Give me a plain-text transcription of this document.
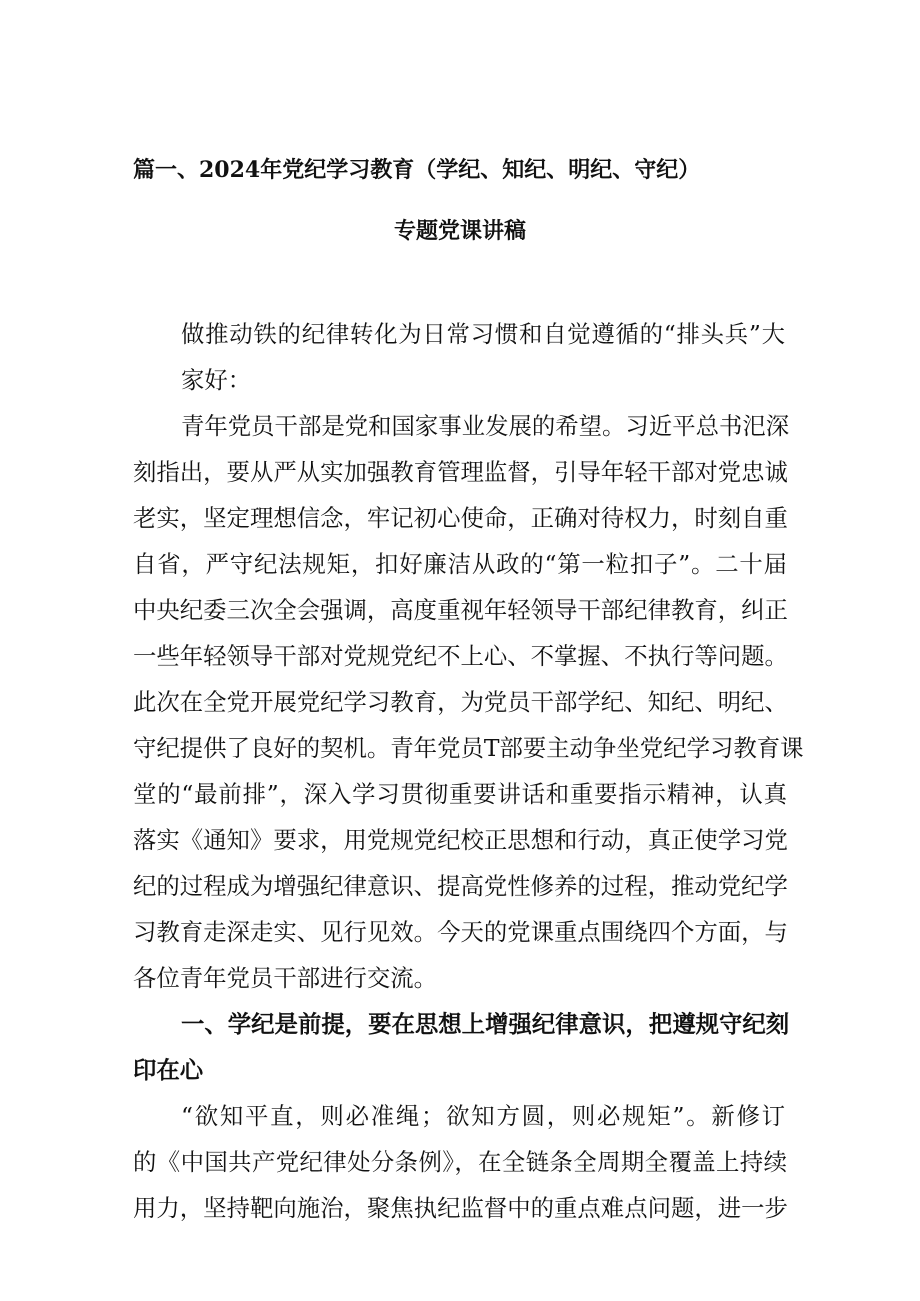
篇一、2024年党纪学习教育（学纪、知纪、明纪、守纪）
专题党课讲稿
做推动铁的纪律转化为日常习惯和自觉遵循的“排头兵”大
家好：
青年党员干部是党和国家事业发展的希望。习近平总书汜深
刻指出，要从严从实加强教育管理监督，引导年轻干部对党忠诚
老实，坚定理想信念，牢记初心使命，正确对待权力，时刻自重
自省，严守纪法规矩，扣好廉洁从政的“第一粒扣子”。二十届
中央纪委三次全会强调，高度重视年轻领导干部纪律教育，纠正
一些年轻领导干部对党规党纪不上心、不掌握、不执行等问题。
此次在全党开展党纪学习教育，为党员干部学纪、知纪、明纪、
守纪提供了良好的契机。青年党员T部要主动争坐党纪学习教育课
堂的“最前排”，深入学习贯彻重要讲话和重要指示精神，认真
落实《通知》要求，用党规党纪校正思想和行动，真正使学习党
纪的过程成为增强纪律意识、提高党性修养的过程，推动党纪学
习教育走深走实、见行见效。今天的党课重点围绕四个方面，与
各位青年党员干部进行交流。
一、学纪是前提，要在思想上增强纪律意识，把遵规守纪刻
印在心
“欲知平直，则必准绳；欲知方圆，则必规矩”。新修订
的《中国共产党纪律处分条例》，在全链条全周期全覆盖上持续
用力，坚持靶向施治，聚焦执纪监督中的重点难点问题，进一步
